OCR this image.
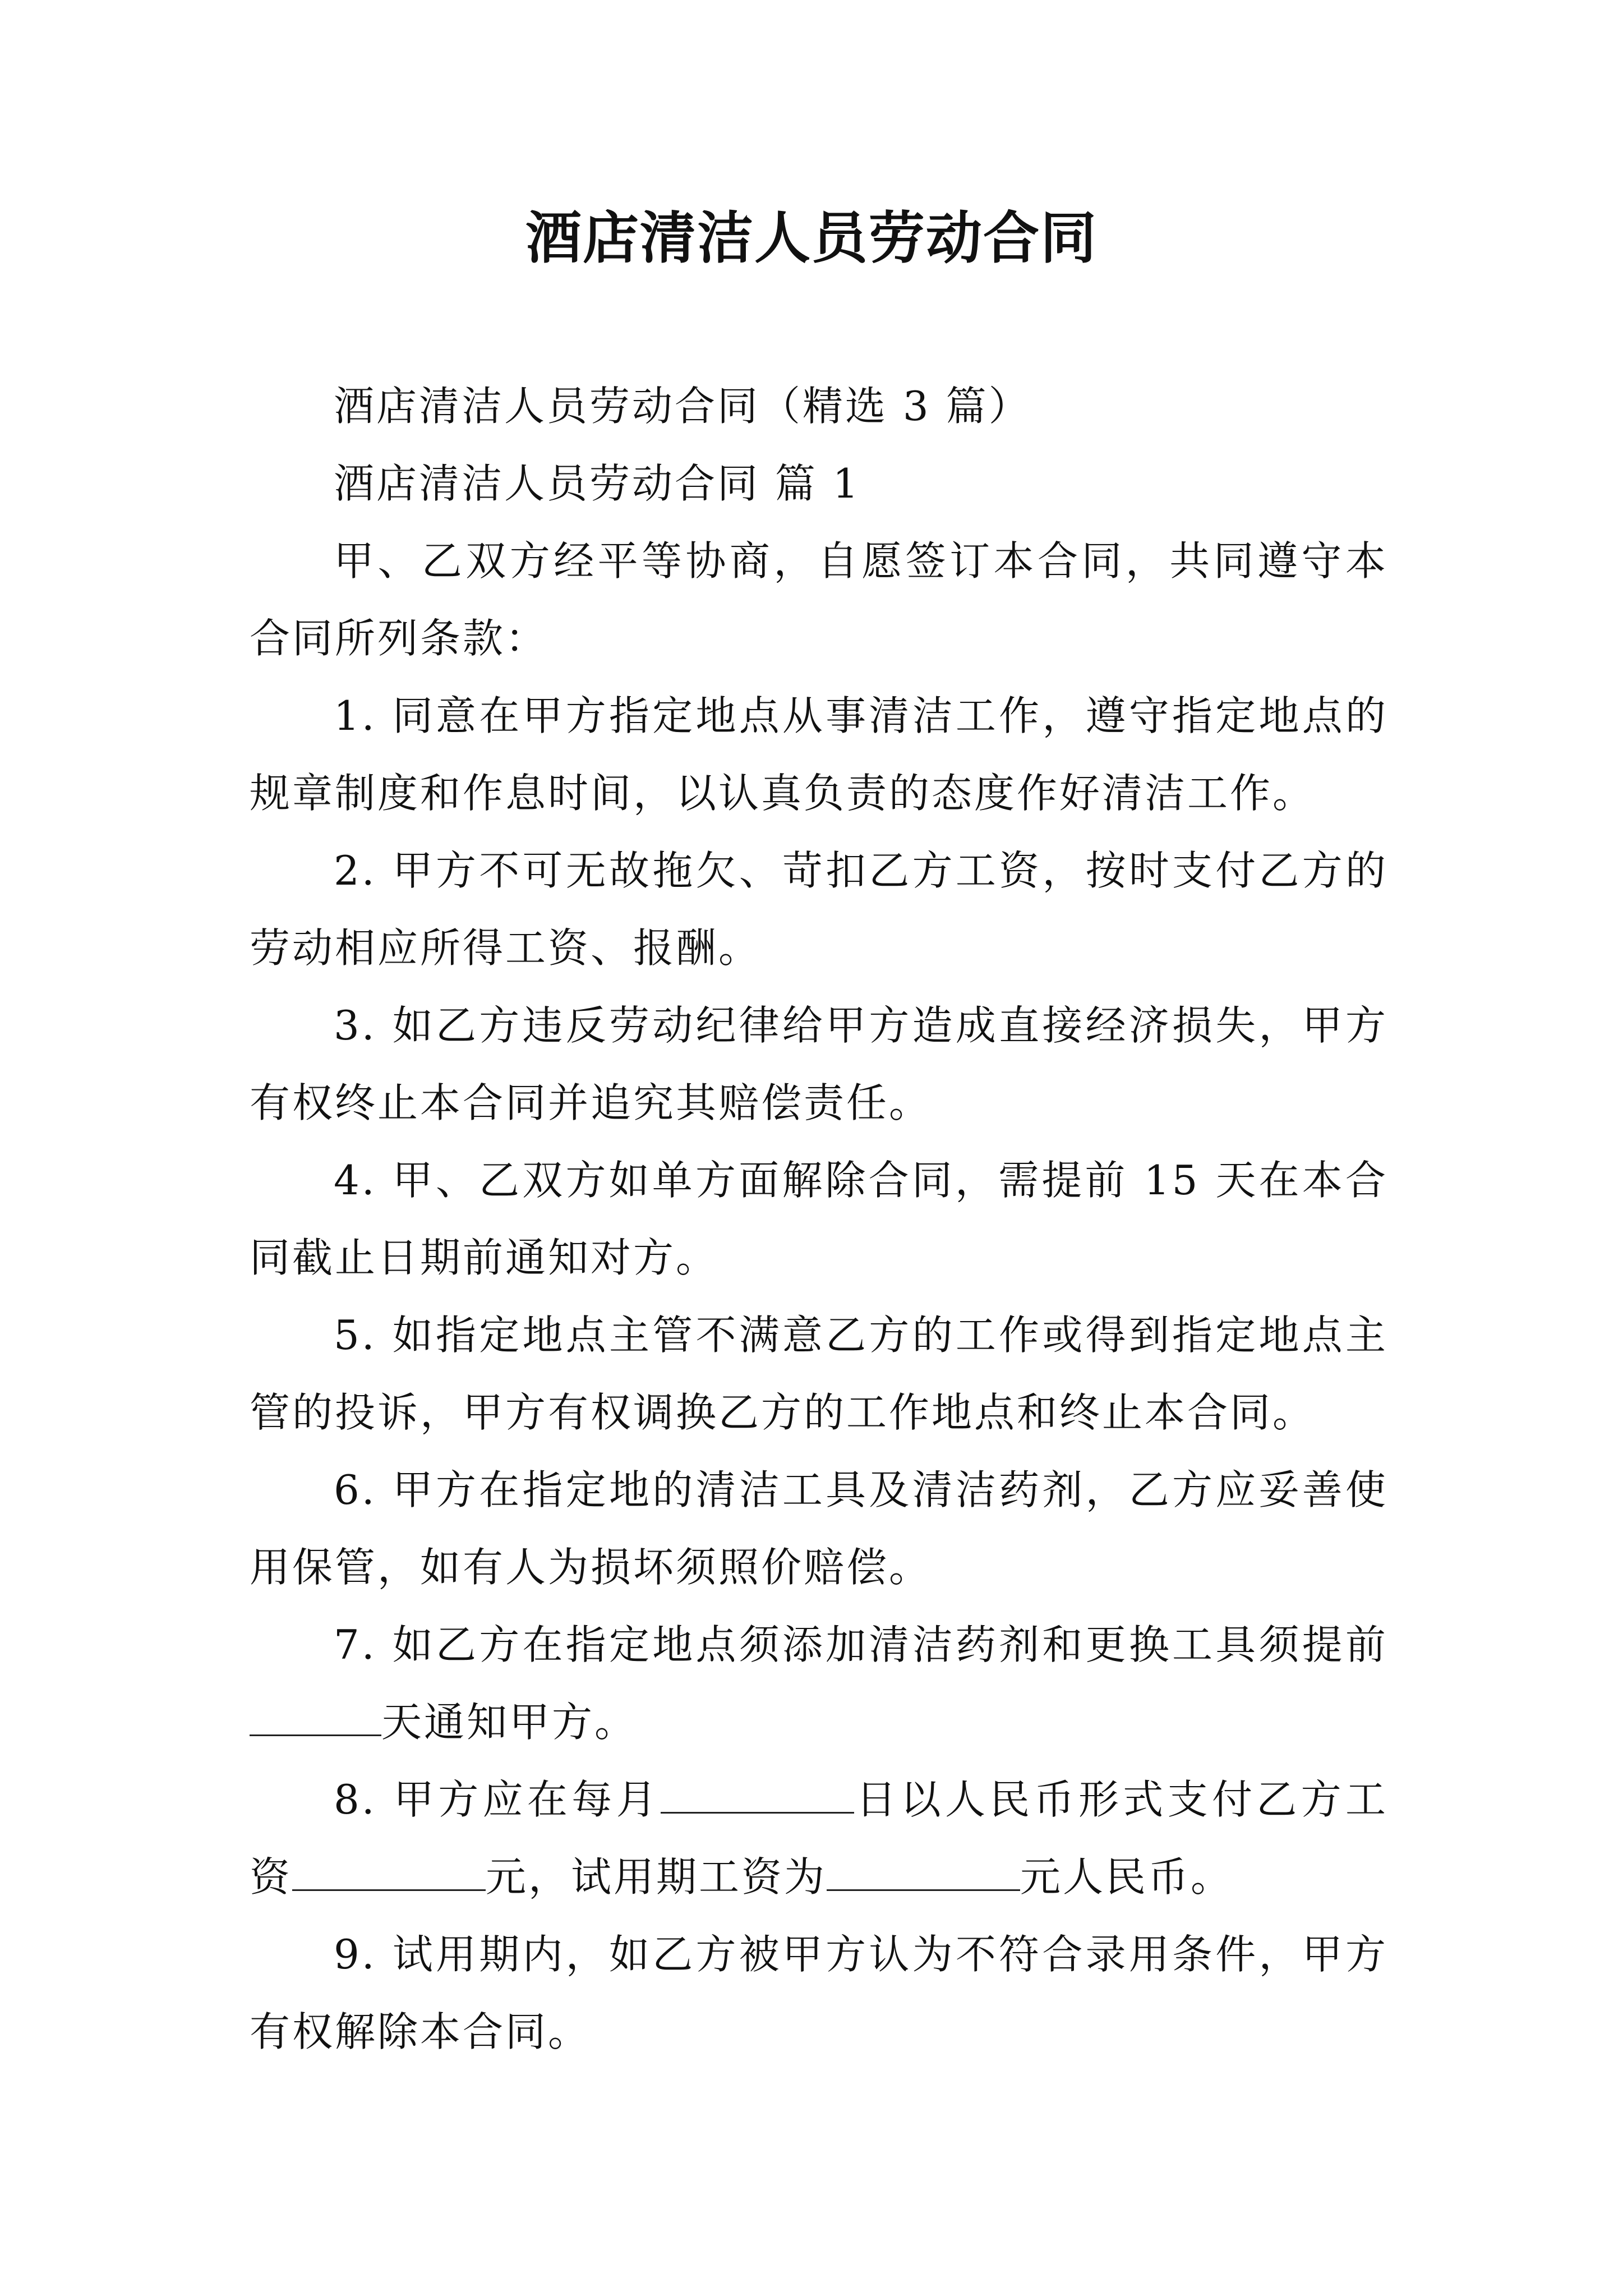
酒店清洁人员劳动合同

酒店清洁人员劳动合同（精选 3 篇）

酒店清洁人员劳动合同 篇 1

甲、乙双方经平等协商，自愿签订本合同，共同遵守本合同所列条款：

1. 同意在甲方指定地点从事清洁工作，遵守指定地点的规章制度和作息时间，以认真负责的态度作好清洁工作。

2. 甲方不可无故拖欠、苛扣乙方工资，按时支付乙方的劳动相应所得工资、报酬。

3. 如乙方违反劳动纪律给甲方造成直接经济损失，甲方有权终止本合同并追究其赔偿责任。

4. 甲、乙双方如单方面解除合同，需提前 15 天在本合同截止日期前通知对方。

5. 如指定地点主管不满意乙方的工作或得到指定地点主管的投诉，甲方有权调换乙方的工作地点和终止本合同。

6. 甲方在指定地的清洁工具及清洁药剂，乙方应妥善使用保管，如有人为损坏须照价赔偿。

7. 如乙方在指定地点须添加清洁药剂和更换工具须提前天通知甲方。

8. 甲方应在每月	日以人民币形式支付乙方工资	元，试用期工资为	元人民币。

9. 试用期内，如乙方被甲方认为不符合录用条件，甲方有权解除本合同。
